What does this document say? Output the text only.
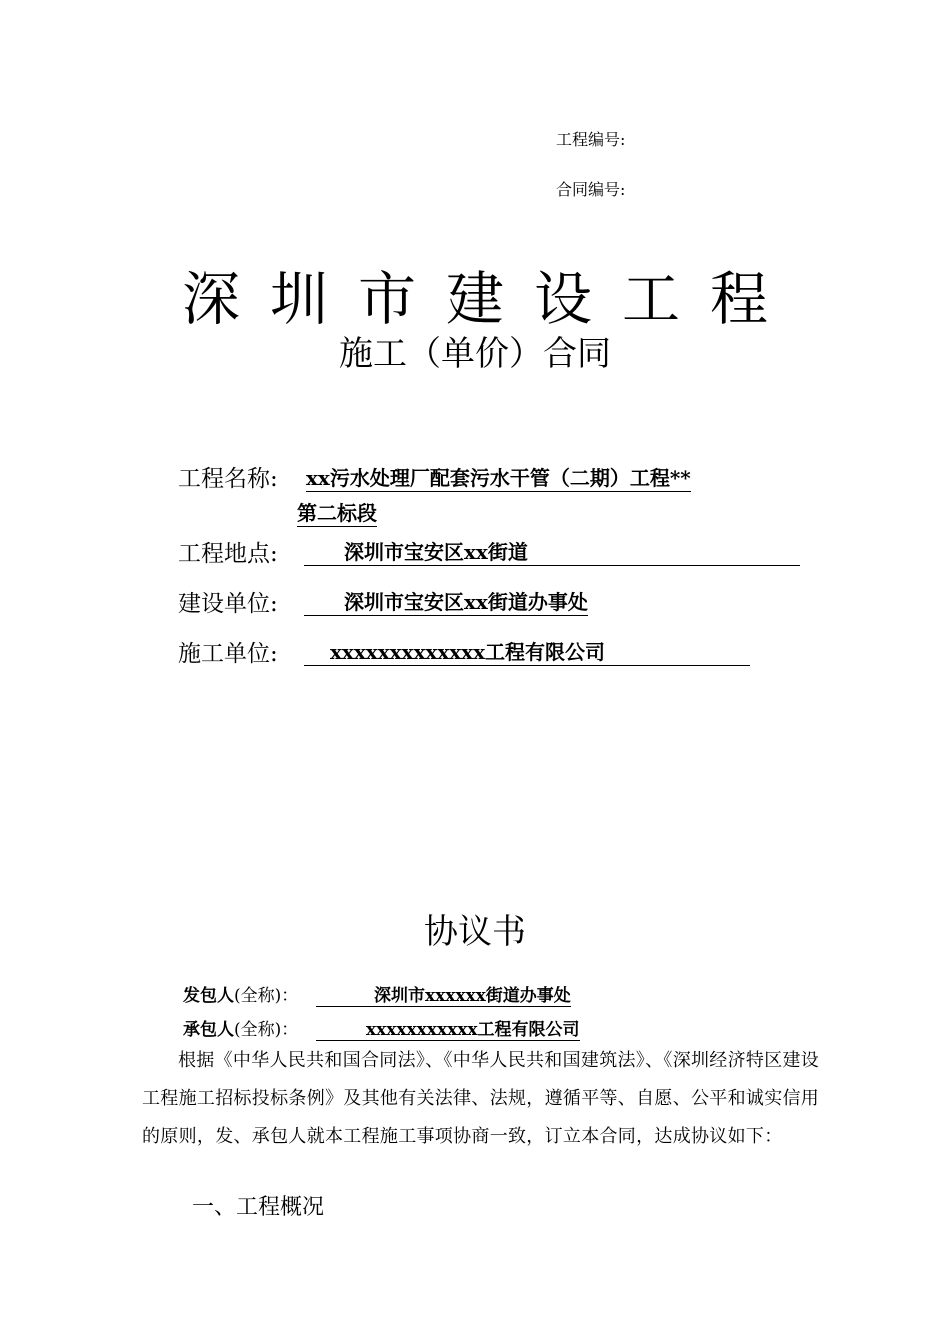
工程编号:
合同编号:
深圳市建设工程
施工（单价）合同
工程名称: xx污水处理厂配套污水干管（二期）工程**
第二标段
工程地点:	深圳市宝安区xx街道
建设单位:	深圳市宝安区xx街道办事处
施工单位:	xxxxxxxxxxxxx工程有限公司
协议书
发包人(全称)：	深圳市xxxxxx街道办事处
承包人(全称)：	xxxxxxxxxxx工程有限公司
根据《中华人民共和国合同法》、《中华人民共和国建筑法》、《深圳经济特区建设工程施工招标投标条例》及其他有关法律、法规，遵循平等、自愿、公平和诚实信用的原则，发、承包人就本工程施工事项协商一致，订立本合同，达成协议如下：
一、工程概况
